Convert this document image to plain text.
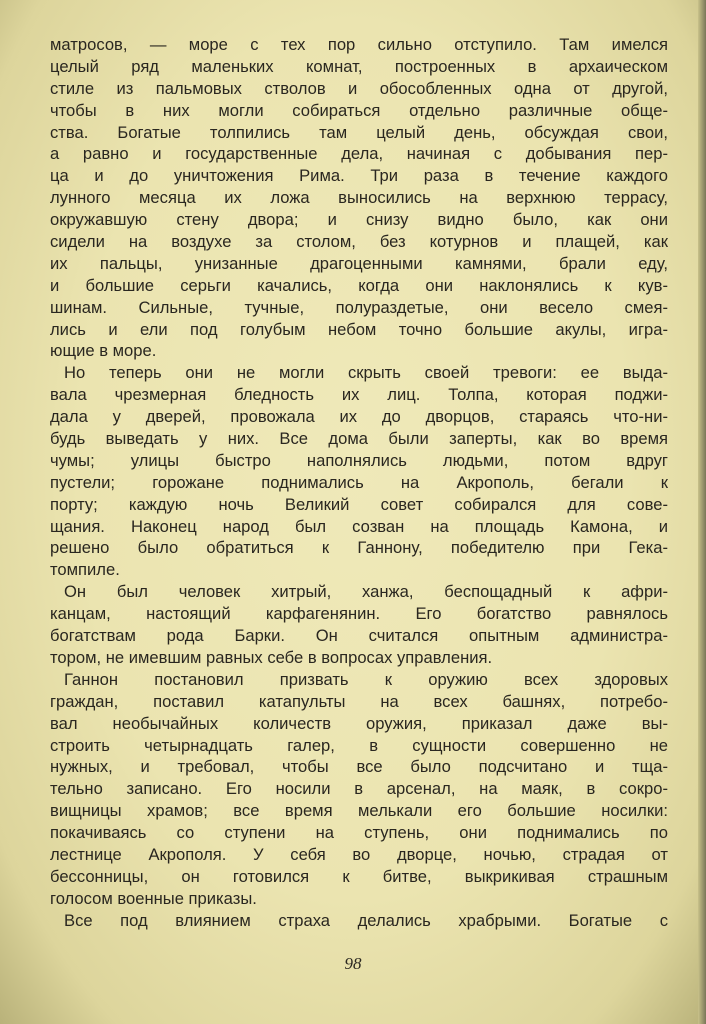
матросов, — море с тех пор сильно отступило. Там имелся
целый ряд маленьких комнат, построенных в архаическом
стиле из пальмовых стволов и обособленных одна от другой,
чтобы в них могли собираться отдельно различные обще-
ства. Богатые толпились там целый день, обсуждая свои,
а равно и государственные дела, начиная с добывания пер-
ца и до уничтожения Рима. Три раза в течение каждого
лунного месяца их ложа выносились на верхнюю террасу,
окружавшую стену двора; и снизу видно было, как они
сидели на воздухе за столом, без котурнов и плащей, как
их пальцы, унизанные драгоценными камнями, брали еду,
и большие серьги качались, когда они наклонялись к кув-
шинам. Сильные, тучные, полураздетые, они весело смея-
лись и ели под голубым небом точно большие акулы, игра-
ющие в море.
Но теперь они не могли скрыть своей тревоги: ее выда-
вала чрезмерная бледность их лиц. Толпа, которая поджи-
дала у дверей, провожала их до дворцов, стараясь что-ни-
будь выведать у них. Все дома были заперты, как во время
чумы; улицы быстро наполнялись людьми, потом вдруг
пустели; горожане поднимались на Акрополь, бегали к
порту; каждую ночь Великий совет собирался для сове-
щания. Наконец народ был созван на площадь Камона, и
решено было обратиться к Ганнону, победителю при Гека-
томпиле.
Он был человек хитрый, ханжа, беспощадный к афри-
канцам, настоящий карфагенянин. Его богатство равнялось
богатствам рода Барки. Он считался опытным администра-
тором, не имевшим равных себе в вопросах управления.
Ганнон постановил призвать к оружию всех здоровых
граждан, поставил катапульты на всех башнях, потребо-
вал необычайных количеств оружия, приказал даже вы-
строить четырнадцать галер, в сущности совершенно не
нужных, и требовал, чтобы все было подсчитано и тща-
тельно записано. Его носили в арсенал, на маяк, в сокро-
вищницы храмов; все время мелькали его большие носилки:
покачиваясь со ступени на ступень, они поднимались по
лестнице Акрополя. У себя во дворце, ночью, страдая от
бессонницы, он готовился к битве, выкрикивая страшным
голосом военные приказы.
Все под влиянием страха делались храбрыми. Богатые с
98
